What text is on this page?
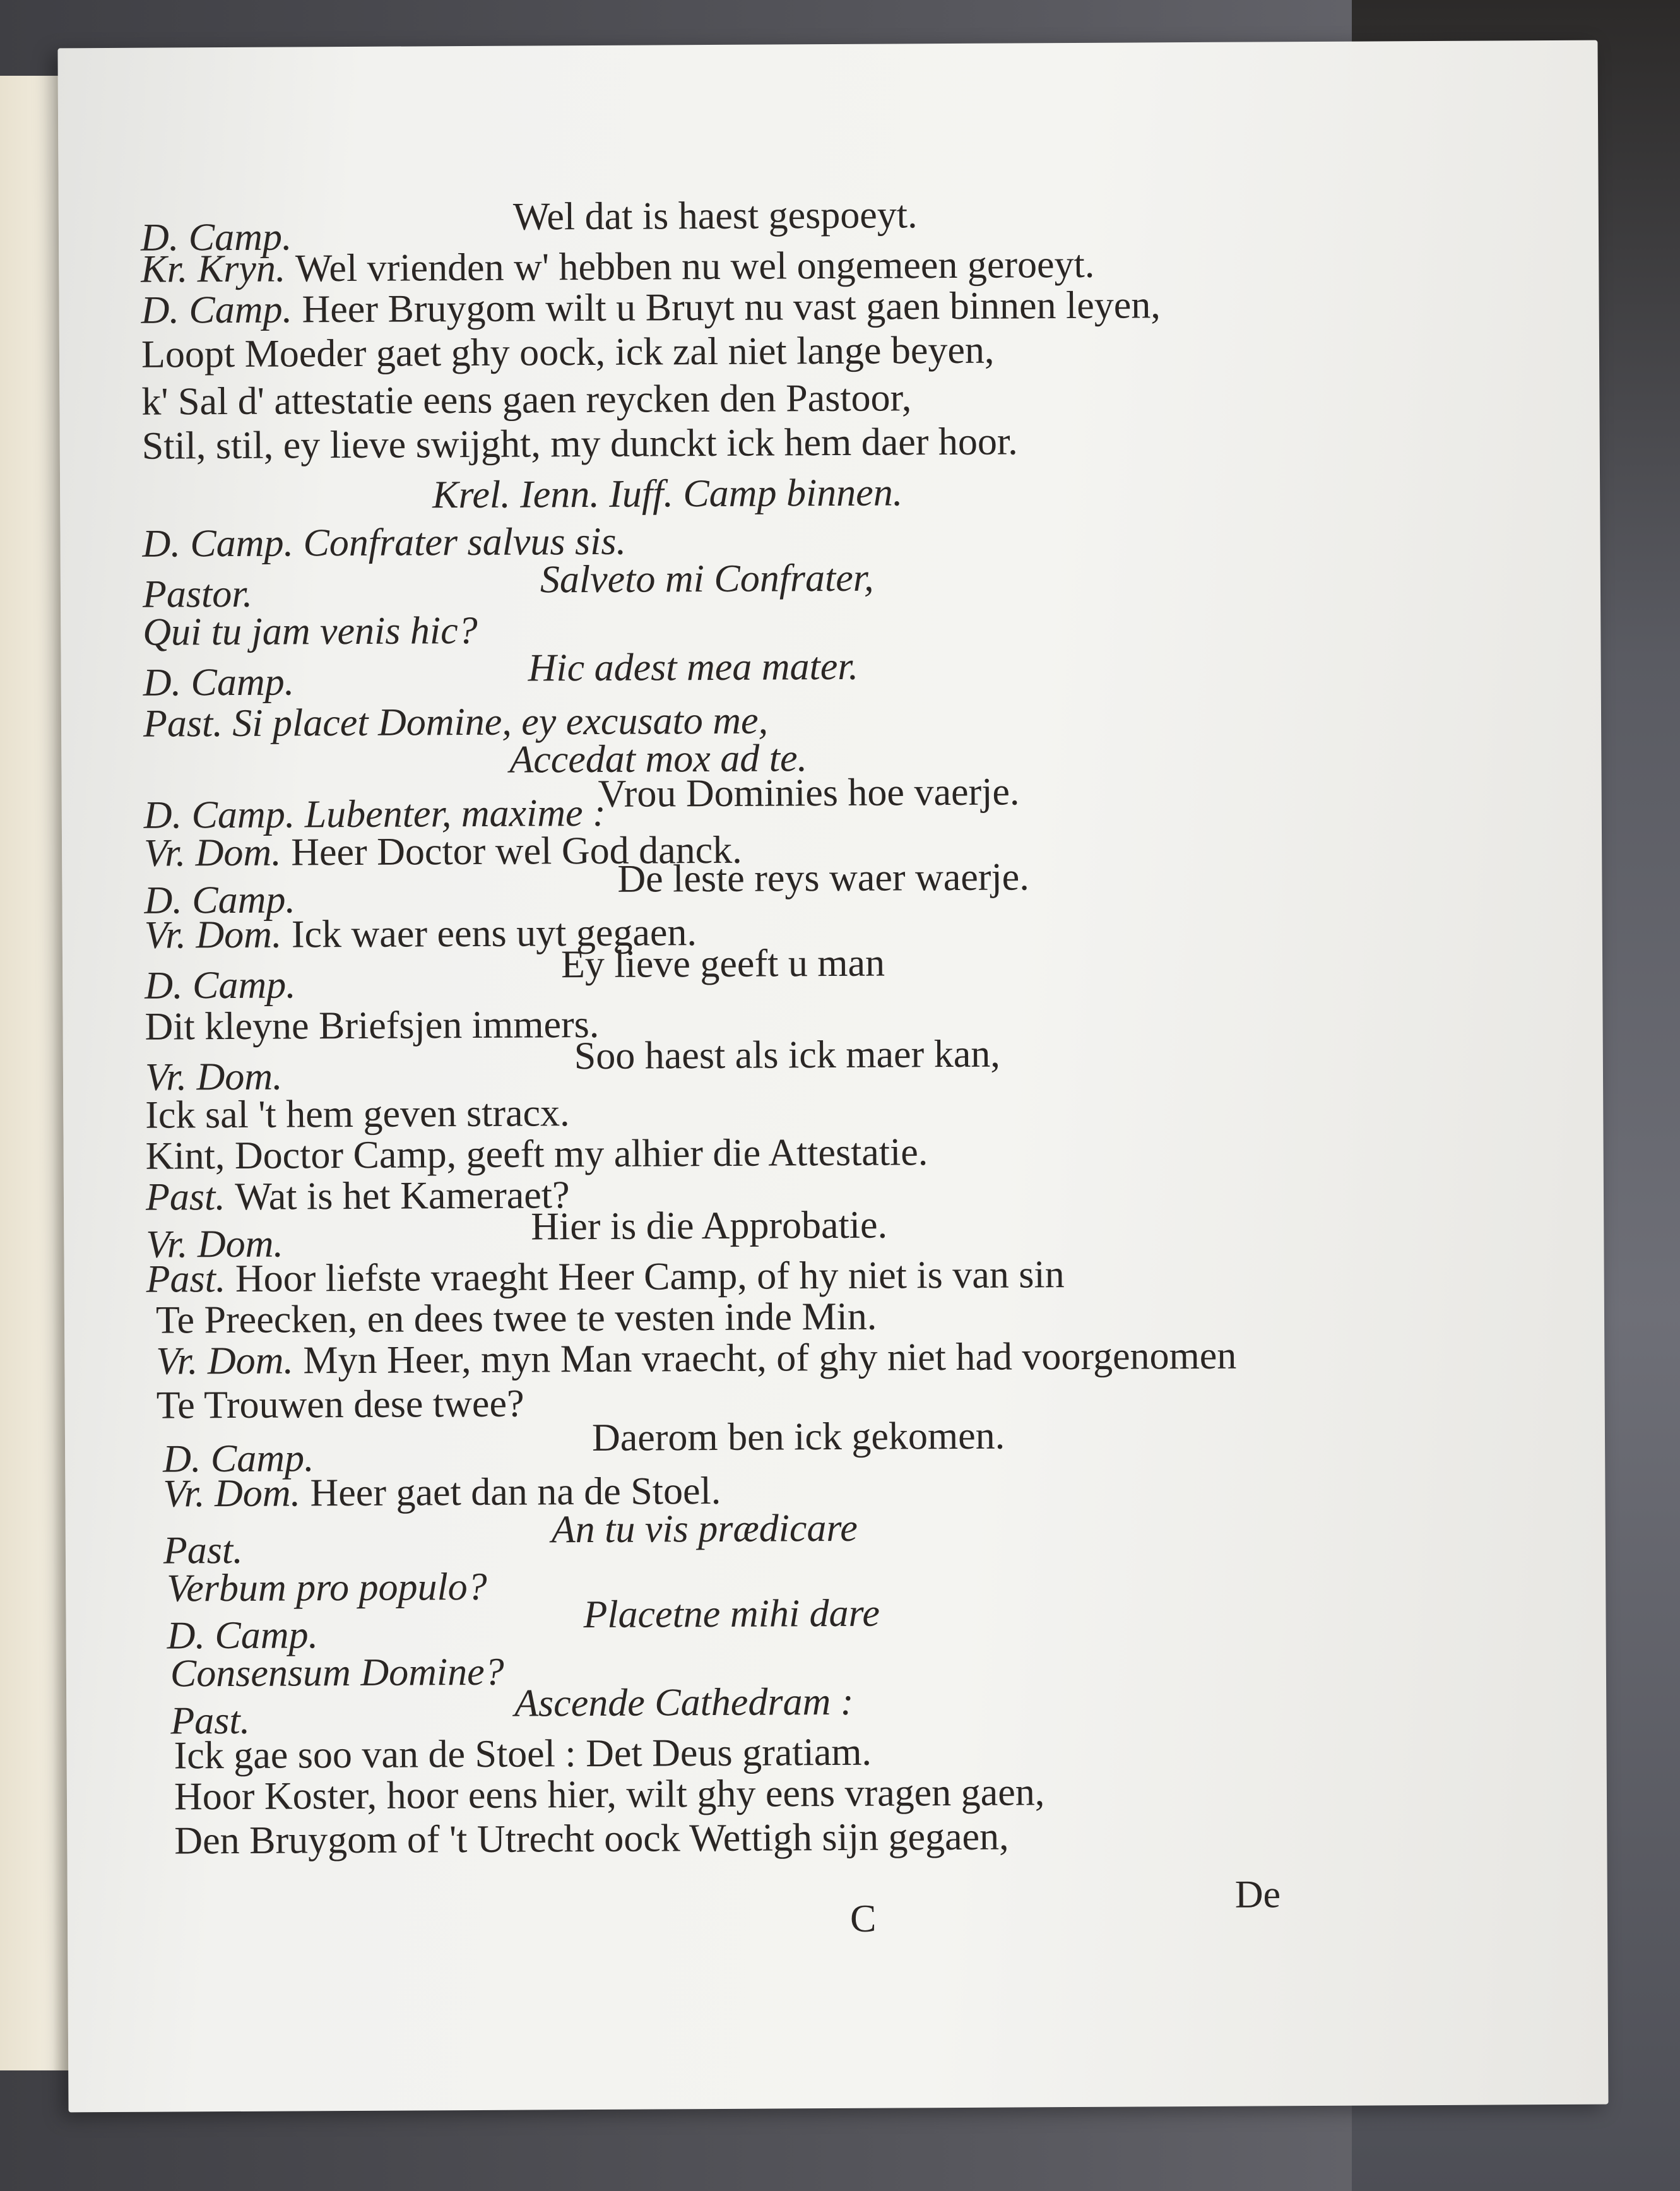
D. Camp.	Wel dat is haest gespoeyt.
Kr. Kryn. Wel vrienden w' hebben nu wel ongemeen geroeyt.
D. Camp. Heer Bruygom wilt u Bruyt nu vast gaen binnen leyen,
Loopt Moeder gaet ghy oock, ick zal niet lange beyen,
k' Sal d' attestatie eens gaen reycken den Pastoor,
Stil, stil, ey lieve swijght, my dunckt ick hem daer hoor.
Krel. Ienn. Iuff. Camp binnen.
D. Camp. Confrater salvus sis.
Pastor.	Salveto mi Confrater,
Qui tu jam venis hic?
D. Camp.	Hic adest mea mater.
Past. Si placet Domine, ey excusato me,
Accedat mox ad te.
D. Camp. Lubenter, maxime :
Vrou Dominies hoe vaerje.
Vr. Dom. Heer Doctor wel God danck.
D. Camp.	De leste reys waer waerje.
Vr. Dom. Ick waer eens uyt gegaen.
D. Camp.	Ey lieve geeft u man
Dit kleyne Briefsjen immers.
Vr. Dom.	Soo haest als ick maer kan,
Ick sal 't hem geven stracx.
Kint, Doctor Camp, geeft my alhier die Attestatie.
Past. Wat is het Kameraet?
Vr. Dom.	Hier is die Approbatie.
Past. Hoor liefste vraeght Heer Camp, of hy niet is van sin
Te Preecken, en dees twee te vesten inde Min.
Vr. Dom. Myn Heer, myn Man vraecht, of ghy niet had voorgenomen
Te Trouwen dese twee?
D. Camp.	Daerom ben ick gekomen.
Vr. Dom. Heer gaet dan na de Stoel.
Past.	An tu vis prædicare
Verbum pro populo?
D. Camp.	Placetne mihi dare
Consensum Domine?
Past.	Ascende Cathedram :
Ick gae soo van de Stoel : Det Deus gratiam.
Hoor Koster, hoor eens hier, wilt ghy eens vragen gaen,
Den Bruygom of 't Utrecht oock Wettigh sijn gegaen,
C
De
